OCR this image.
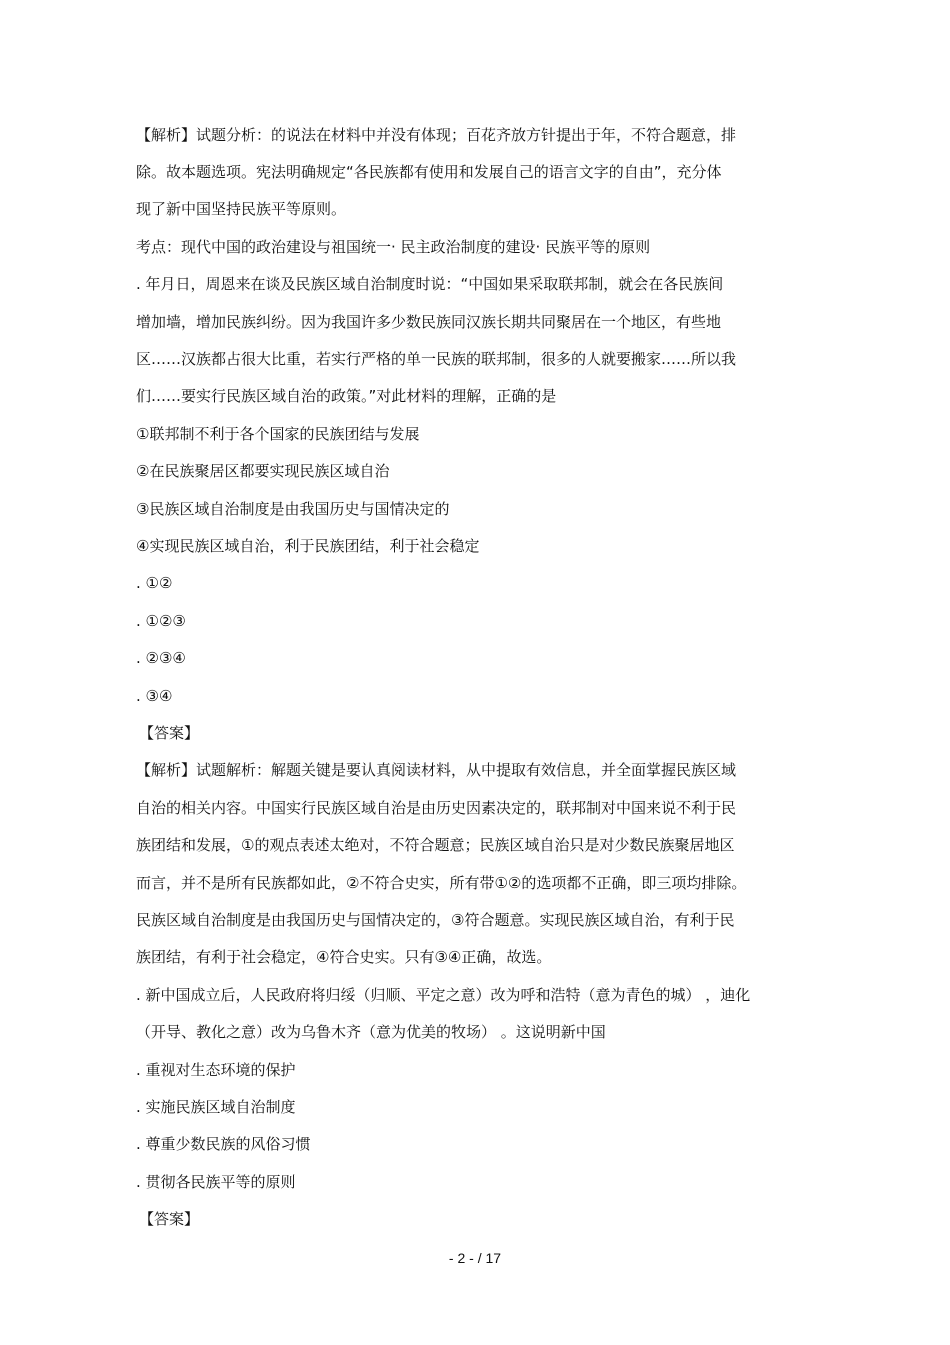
【解析】试题分析：的说法在材料中并没有体现；百花齐放方针提出于年，不符合题意，排
除。故本题选项。宪法明确规定“各民族都有使用和发展自己的语言文字的自由”，充分体
现了新中国坚持民族平等原则。
考点：现代中国的政治建设与祖国统一· 民主政治制度的建设· 民族平等的原则
. 年月日，周恩来在谈及民族区域自治制度时说：“中国如果采取联邦制，就会在各民族间
增加墙，增加民族纠纷。因为我国许多少数民族同汉族长期共同聚居在一个地区，有些地
区……汉族都占很大比重，若实行严格的单一民族的联邦制，很多的人就要搬家……所以我
们……要实行民族区域自治的政策。”对此材料的理解，正确的是
①联邦制不利于各个国家的民族团结与发展
②在民族聚居区都要实现民族区域自治
③民族区域自治制度是由我国历史与国情决定的
④实现民族区域自治，利于民族团结，利于社会稳定
. ①②
. ①②③
. ②③④
. ③④
【答案】
【解析】试题解析：解题关键是要认真阅读材料，从中提取有效信息，并全面掌握民族区域
自治的相关内容。中国实行民族区域自治是由历史因素决定的，联邦制对中国来说不利于民
族团结和发展，①的观点表述太绝对，不符合题意；民族区域自治只是对少数民族聚居地区
而言，并不是所有民族都如此，②不符合史实，所有带①②的选项都不正确，即三项均排除。
民族区域自治制度是由我国历史与国情决定的，③符合题意。实现民族区域自治，有利于民
族团结，有利于社会稳定，④符合史实。只有③④正确，故选。
. 新中国成立后，人民政府将归绥（归顺、平定之意）改为呼和浩特（意为青色的城） ，迪化
（开导、教化之意）改为乌鲁木齐（意为优美的牧场） 。这说明新中国
. 重视对生态环境的保护
. 实施民族区域自治制度
. 尊重少数民族的风俗习惯
. 贯彻各民族平等的原则
【答案】
- 2 - / 17
